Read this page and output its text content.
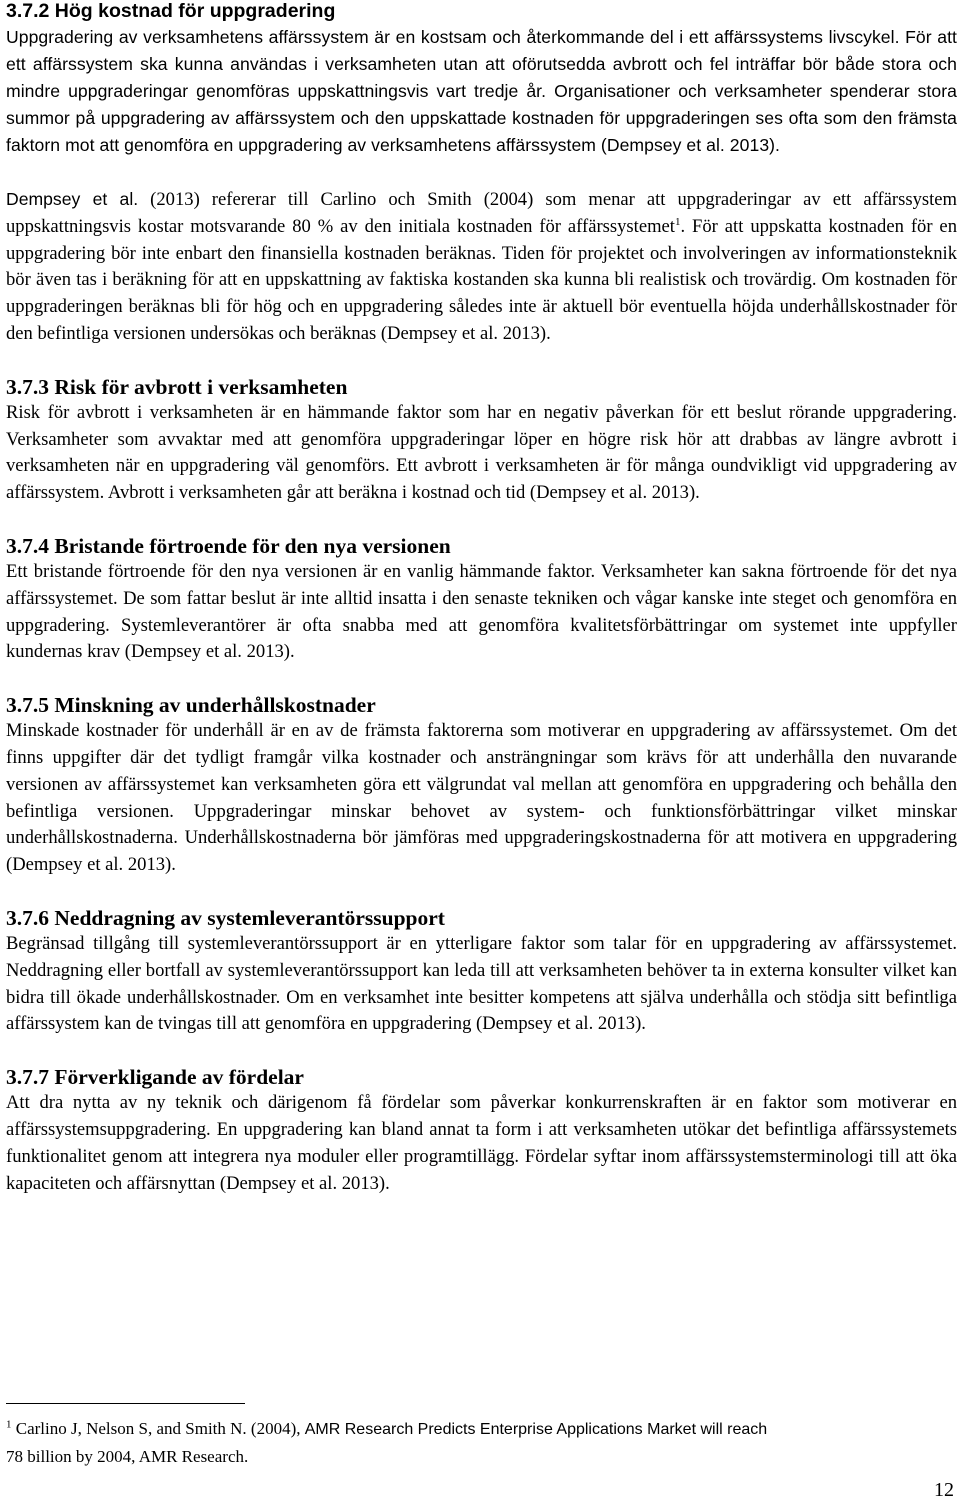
3.7.2 Hög kostnad för uppgradering

Uppgradering av verksamhetens affärssystem är en kostsam och återkommande del i ett affärssystems livscykel. För att ett affärssystem ska kunna användas i verksamheten utan att oförutsedda avbrott och fel inträffar bör både stora och mindre uppgraderingar genomföras uppskattningsvis vart tredje år. Organisationer och verksamheter spenderar stora summor på uppgradering av affärssystem och den uppskattade kostnaden för uppgraderingen ses ofta som den främsta faktorn mot att genomföra en uppgradering av verksamhetens affärssystem (Dempsey et al. 2013).

Dempsey et al. (2013) refererar till Carlino och Smith (2004) som menar att uppgraderingar av ett affärssystem uppskattningsvis kostar motsvarande 80 % av den initiala kostnaden för affärssystemet$^1$. För att uppskatta kostnaden för en uppgradering bör inte enbart den finansiella kostnaden beräknas. Tiden för projektet och involveringen av informationsteknik bör även tas i beräkning för att en uppskattning av faktiska kostanden ska kunna bli realistisk och trovärdig. Om kostnaden för uppgraderingen beräknas bli för hög och en uppgradering således inte är aktuell bör eventuella höjda underhållskostnader för den befintliga versionen undersökas och beräknas (Dempsey et al. 2013).

3.7.3 Risk för avbrott i verksamheten

Risk för avbrott i verksamheten är en hämmande faktor som har en negativ påverkan för ett beslut rörande uppgradering. Verksamheter som avvaktar med att genomföra uppgraderingar löper en högre risk hör att drabbas av längre avbrott i verksamheten när en uppgradering väl genomförs. Ett avbrott i verksamheten är för många oundvikligt vid uppgradering av affärssystem. Avbrott i verksamheten går att beräkna i kostnad och tid (Dempsey et al. 2013).

3.7.4 Bristande förtroende för den nya versionen

Ett bristande förtroende för den nya versionen är en vanlig hämmande faktor. Verksamheter kan sakna förtroende för det nya affärssystemet. De som fattar beslut är inte alltid insatta i den senaste tekniken och vågar kanske inte steget och genomföra en uppgradering. Systemleverantörer är ofta snabba med att genomföra kvalitetsförbättringar om systemet inte uppfyller kundernas krav (Dempsey et al. 2013).

3.7.5 Minskning av underhållskostnader

Minskade kostnader för underhåll är en av de främsta faktorerna som motiverar en uppgradering av affärssystemet. Om det finns uppgifter där det tydligt framgår vilka kostnader och ansträngningar som krävs för att underhålla den nuvarande versionen av affärssystemet kan verksamheten göra ett välgrundat val mellan att genomföra en uppgradering och behålla den befintliga versionen. Uppgraderingar minskar behovet av system- och funktionsförbättringar vilket minskar underhållskostnaderna. Underhållskostnaderna bör jämföras med uppgraderingskostnaderna för att motivera en uppgradering (Dempsey et al. 2013).

3.7.6 Neddragning av systemleverantörssupport

Begränsad tillgång till systemleverantörssupport är en ytterligare faktor som talar för en uppgradering av affärssystemet. Neddragning eller bortfall av systemleverantörssupport kan leda till att verksamheten behöver ta in externa konsulter vilket kan bidra till ökade underhållskostnader. Om en verksamhet inte besitter kompetens att själva underhålla och stödja sitt befintliga affärssystem kan de tvingas till att genomföra en uppgradering (Dempsey et al. 2013).

3.7.7 Förverkligande av fördelar

Att dra nytta av ny teknik och därigenom få fördelar som påverkar konkurrenskraften är en faktor som motiverar en affärssystemsuppgradering. En uppgradering kan bland annat ta form i att verksamheten utökar det befintliga affärssystemets funktionalitet genom att integrera nya moduler eller programtillägg. Fördelar syftar inom affärssystemsterminologi till att öka kapaciteten och affärsnyttan (Dempsey et al. 2013).

$^1$ Carlino J, Nelson S, and Smith N. (2004), AMR Research Predicts Enterprise Applications Market will reach
78 billion by 2004, AMR Research.

12
